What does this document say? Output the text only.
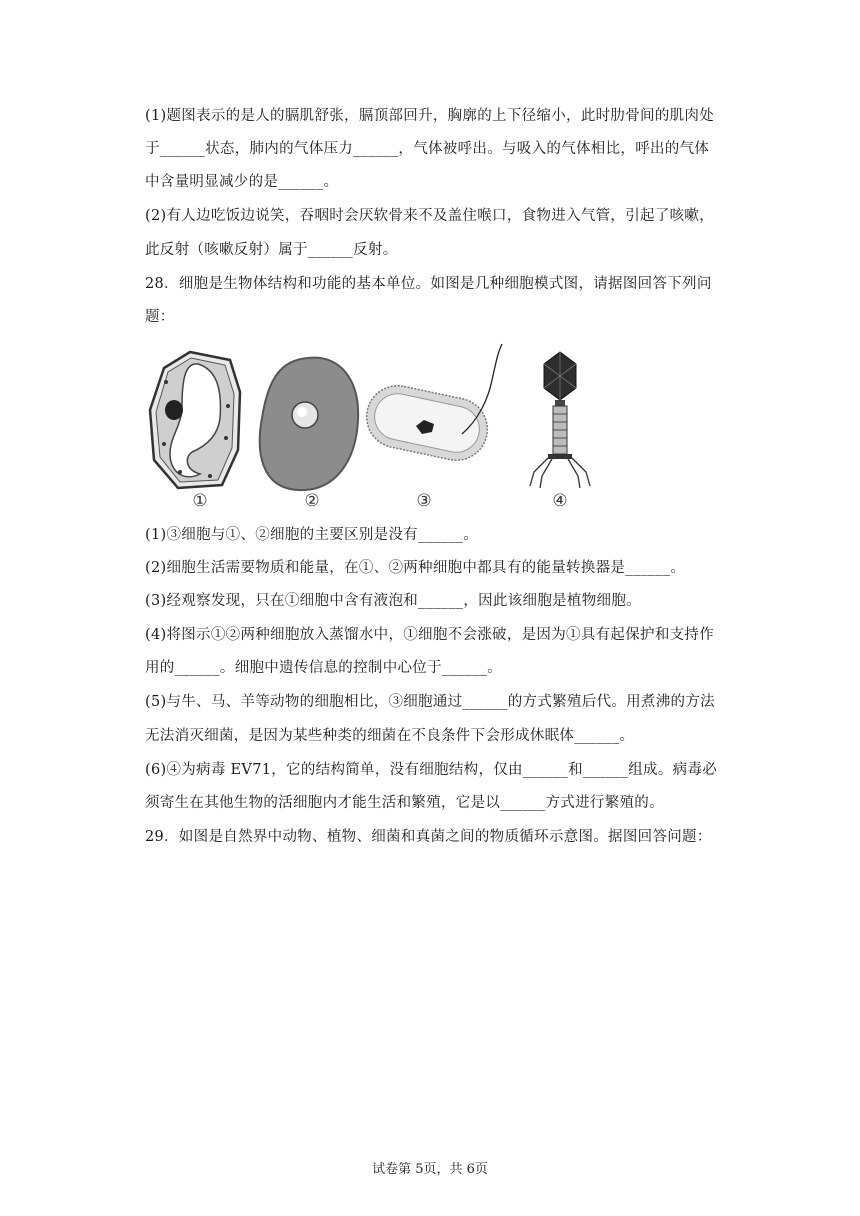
(1)题图表示的是人的膈肌舒张，膈顶部回升，胸廓的上下径缩小，此时肋骨间的肌肉处
于______状态，肺内的气体压力______，气体被呼出。与吸入的气体相比，呼出的气体
中含量明显减少的是______。
(2)有人边吃饭边说笑，吞咽时会厌软骨来不及盖住喉口，食物进入气管，引起了咳嗽，
此反射（咳嗽反射）属于______反射。
28．细胞是生物体结构和功能的基本单位。如图是几种细胞模式图，请据图回答下列问
题：
①	②	③	④
(1)③细胞与①、②细胞的主要区别是没有______。
(2)细胞生活需要物质和能量，在①、②两种细胞中都具有的能量转换器是______。
(3)经观察发现，只在①细胞中含有液泡和______，因此该细胞是植物细胞。
(4)将图示①②两种细胞放入蒸馏水中，①细胞不会涨破，是因为①具有起保护和支持作
用的______。细胞中遗传信息的控制中心位于______。
(5)与牛、马、羊等动物的细胞相比，③细胞通过______的方式繁殖后代。用煮沸的方法
无法消灭细菌，是因为某些种类的细菌在不良条件下会形成休眠体______。
(6)④为病毒 EV71，它的结构简单，没有细胞结构，仅由______和______组成。病毒必
须寄生在其他生物的活细胞内才能生活和繁殖，它是以______方式进行繁殖的。
29．如图是自然界中动物、植物、细菌和真菌之间的物质循环示意图。据图回答问题：
试卷第 5页，共 6页
